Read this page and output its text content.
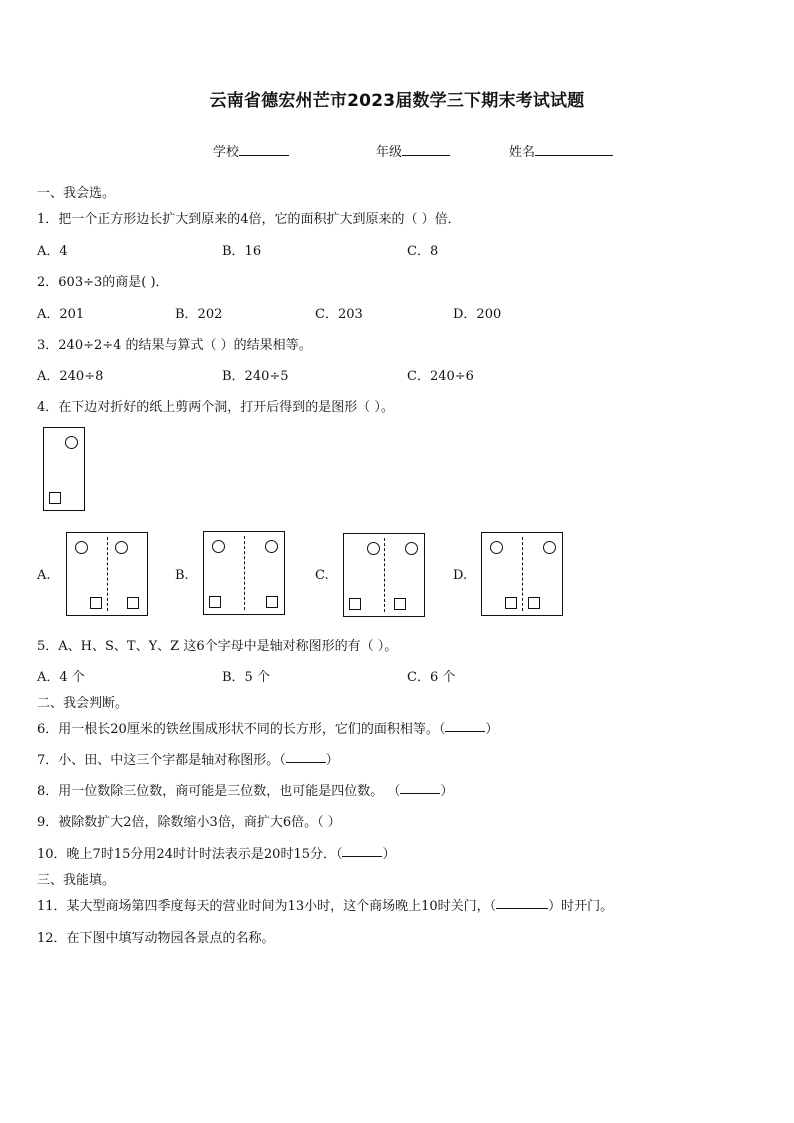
云南省德宏州芒市2023届数学三下期末考试试题
学校	年级	姓名
一、我会选。
1．把一个正方形边长扩大到原来的4倍，它的面积扩大到原来的（ ）倍．
A．4	B．16	C．8
2．603÷3的商是( )．
A．201	B．202	C．203	D．200
3．240÷2÷4 的结果与算式（ ）的结果相等。
A．240÷8	B．240÷5	C．240÷6
4．在下边对折好的纸上剪两个洞，打开后得到的是图形（ ）。
A.	B.	C.	D.
5．A、H、S、T、Y、Z 这6个字母中是轴对称图形的有（ ）。
A．4 个	B．5 个	C．6 个
二、我会判断。
6．用一根长20厘米的铁丝围成形状不同的长方形，它们的面积相等。（	）
7．小、田、中这三个字都是轴对称图形。（	）
8．用一位数除三位数，商可能是三位数，也可能是四位数。 （	）
9．被除数扩大2倍，除数缩小3倍，商扩大6倍。（ ）
10．晚上7时15分用24时计时法表示是20时15分．（	）
三、我能填。
11．某大型商场第四季度每天的营业时间为13小时，这个商场晚上10时关门，（	）时开门。
12．在下图中填写动物园各景点的名称。
